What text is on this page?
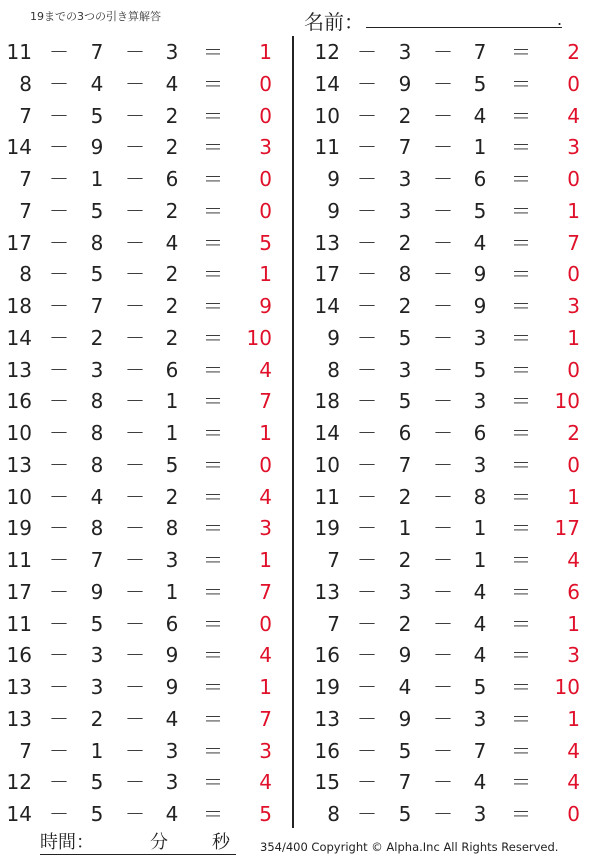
19までの3つの引き算解答	名前：	.
11 － 7 － 3 ＝ 1
8 － 4 － 4 ＝ 0
7 － 5 － 2 ＝ 0
14 － 9 － 2 ＝ 3
7 － 1 － 6 ＝ 0
7 － 5 － 2 ＝ 0
17 － 8 － 4 ＝ 5
8 － 5 － 2 ＝ 1
18 － 7 － 2 ＝ 9
14 － 2 － 2 ＝ 10
13 － 3 － 6 ＝ 4
16 － 8 － 1 ＝ 7
10 － 8 － 1 ＝ 1
13 － 8 － 5 ＝ 0
10 － 4 － 2 ＝ 4
19 － 8 － 8 ＝ 3
11 － 7 － 3 ＝ 1
17 － 9 － 1 ＝ 7
11 － 5 － 6 ＝ 0
16 － 3 － 9 ＝ 4
13 － 3 － 9 ＝ 1
13 － 2 － 4 ＝ 7
7 － 1 － 3 ＝ 3
12 － 5 － 3 ＝ 4
14 － 5 － 4 ＝ 5
12 － 3 － 7 ＝ 2
14 － 9 － 5 ＝ 0
10 － 2 － 4 ＝ 4
11 － 7 － 1 ＝ 3
9 － 3 － 6 ＝ 0
9 － 3 － 5 ＝ 1
13 － 2 － 4 ＝ 7
17 － 8 － 9 ＝ 0
14 － 2 － 9 ＝ 3
9 － 5 － 3 ＝ 1
8 － 3 － 5 ＝ 0
18 － 5 － 3 ＝ 10
14 － 6 － 6 ＝ 2
10 － 7 － 3 ＝ 0
11 － 2 － 8 ＝ 1
19 － 1 － 1 ＝ 17
7 － 2 － 1 ＝ 4
13 － 3 － 4 ＝ 6
7 － 2 － 4 ＝ 1
16 － 9 － 4 ＝ 3
19 － 4 － 5 ＝ 10
13 － 9 － 3 ＝ 1
16 － 5 － 7 ＝ 4
15 － 7 － 4 ＝ 4
8 － 5 － 3 ＝ 0
時間：	分 秒	354/400 Copyright © Alpha.Inc All Rights Reserved.
